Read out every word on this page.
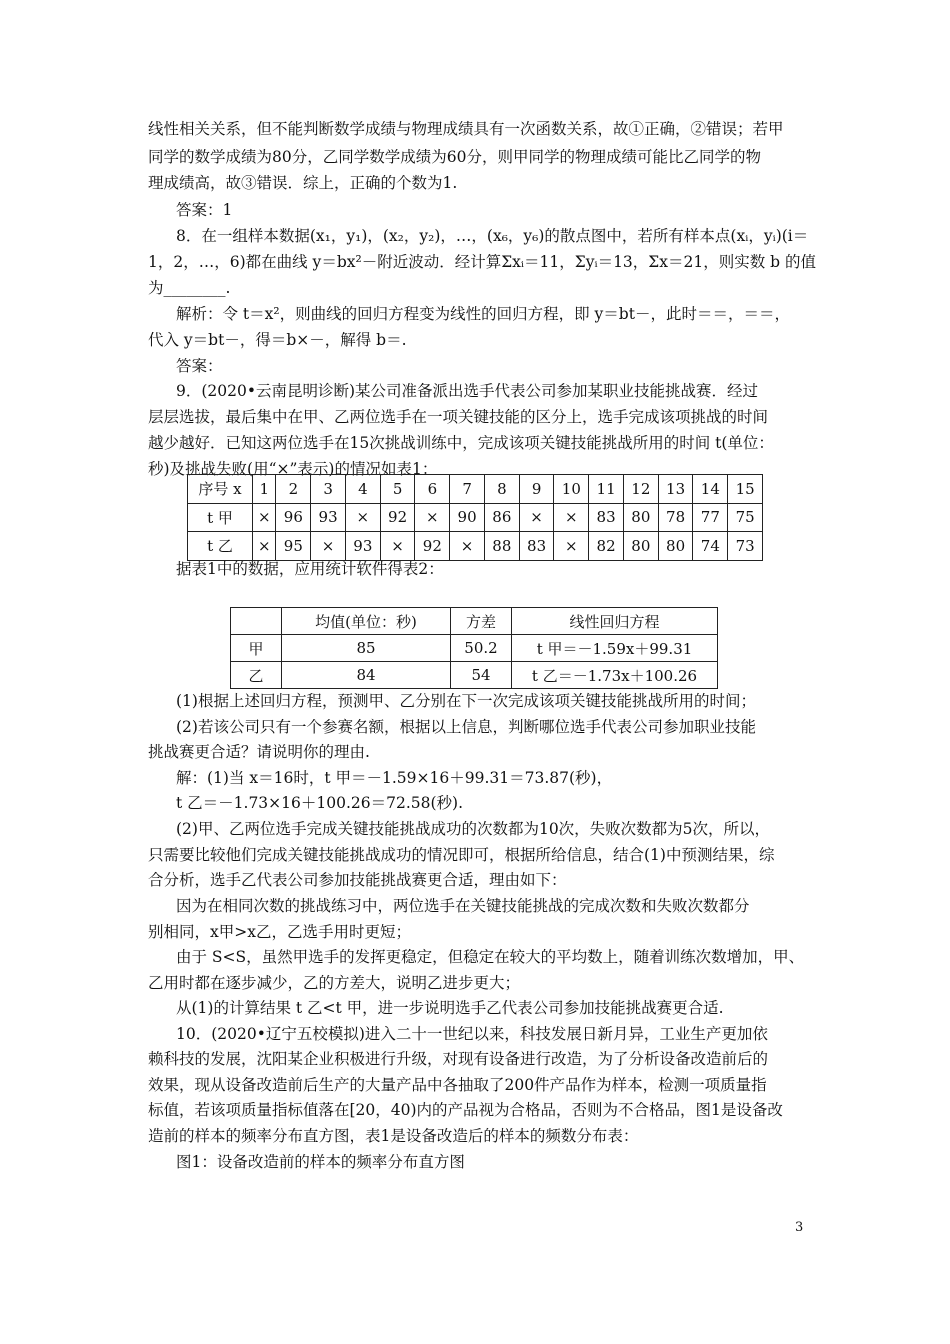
线性相关关系，但不能判断数学成绩与物理成绩具有一次函数关系，故①正确，②错误；若甲
同学的数学成绩为80分，乙同学数学成绩为60分，则甲同学的物理成绩可能比乙同学的物
理成绩高，故③错误．综上，正确的个数为1.
答案：1
8．在一组样本数据(x₁，y₁)，(x₂，y₂)，…，(x₆，y₆)的散点图中，若所有样本点(xᵢ，yᵢ)(i＝
1，2，…，6)都在曲线 y＝bx²－附近波动．经计算Σxᵢ＝11，Σyᵢ＝13，Σx＝21，则实数 b 的值
为________.
解析：令 t＝x²，则曲线的回归方程变为线性的回归方程，即 y＝bt－，此时＝＝，＝＝，
代入 y＝bt－，得＝b×－，解得 b＝.
答案：
9．(2020•云南昆明诊断)某公司准备派出选手代表公司参加某职业技能挑战赛．经过
层层选拔，最后集中在甲、乙两位选手在一项关键技能的区分上，选手完成该项挑战的时间
越少越好．已知这两位选手在15次挑战训练中，完成该项关键技能挑战所用的时间 t(单位：
秒)及挑战失败(用“×”表示)的情况如表1：
序号 x	1	2	3	4	5	6	7	8	9	10	11	12	13	14	15
t 甲	×	96	93	×	92	×	90	86	×	×	83	80	78	77	75
t 乙	×	95	×	93	×	92	×	88	83	×	82	80	80	74	73
据表1中的数据，应用统计软件得表2：
	均值(单位：秒)	方差	线性回归方程
甲	85	50.2	t 甲＝－1.59x＋99.31
乙	84	54	t 乙＝－1.73x＋100.26
(1)根据上述回归方程，预测甲、乙分别在下一次完成该项关键技能挑战所用的时间；
(2)若该公司只有一个参赛名额，根据以上信息，判断哪位选手代表公司参加职业技能
挑战赛更合适？请说明你的理由.
解：(1)当 x＝16时，t 甲＝－1.59×16＋99.31＝73.87(秒)，
t 乙＝－1.73×16＋100.26＝72.58(秒).
(2)甲、乙两位选手完成关键技能挑战成功的次数都为10次，失败次数都为5次，所以，
只需要比较他们完成关键技能挑战成功的情况即可，根据所给信息，结合(1)中预测结果，综
合分析，选手乙代表公司参加技能挑战赛更合适，理由如下：
因为在相同次数的挑战练习中，两位选手在关键技能挑战的完成次数和失败次数都分
别相同，x甲>x乙，乙选手用时更短；
由于 S<S，虽然甲选手的发挥更稳定，但稳定在较大的平均数上，随着训练次数增加，甲、
乙用时都在逐步减少，乙的方差大，说明乙进步更大；
从(1)的计算结果 t 乙<t 甲，进一步说明选手乙代表公司参加技能挑战赛更合适.
10．(2020•辽宁五校模拟)进入二十一世纪以来，科技发展日新月异，工业生产更加依
赖科技的发展，沈阳某企业积极进行升级，对现有设备进行改造，为了分析设备改造前后的
效果，现从设备改造前后生产的大量产品中各抽取了200件产品作为样本，检测一项质量指
标值，若该项质量指标值落在[20，40)内的产品视为合格品，否则为不合格品，图1是设备改
造前的样本的频率分布直方图，表1是设备改造后的样本的频数分布表：
图1：设备改造前的样本的频率分布直方图
3
